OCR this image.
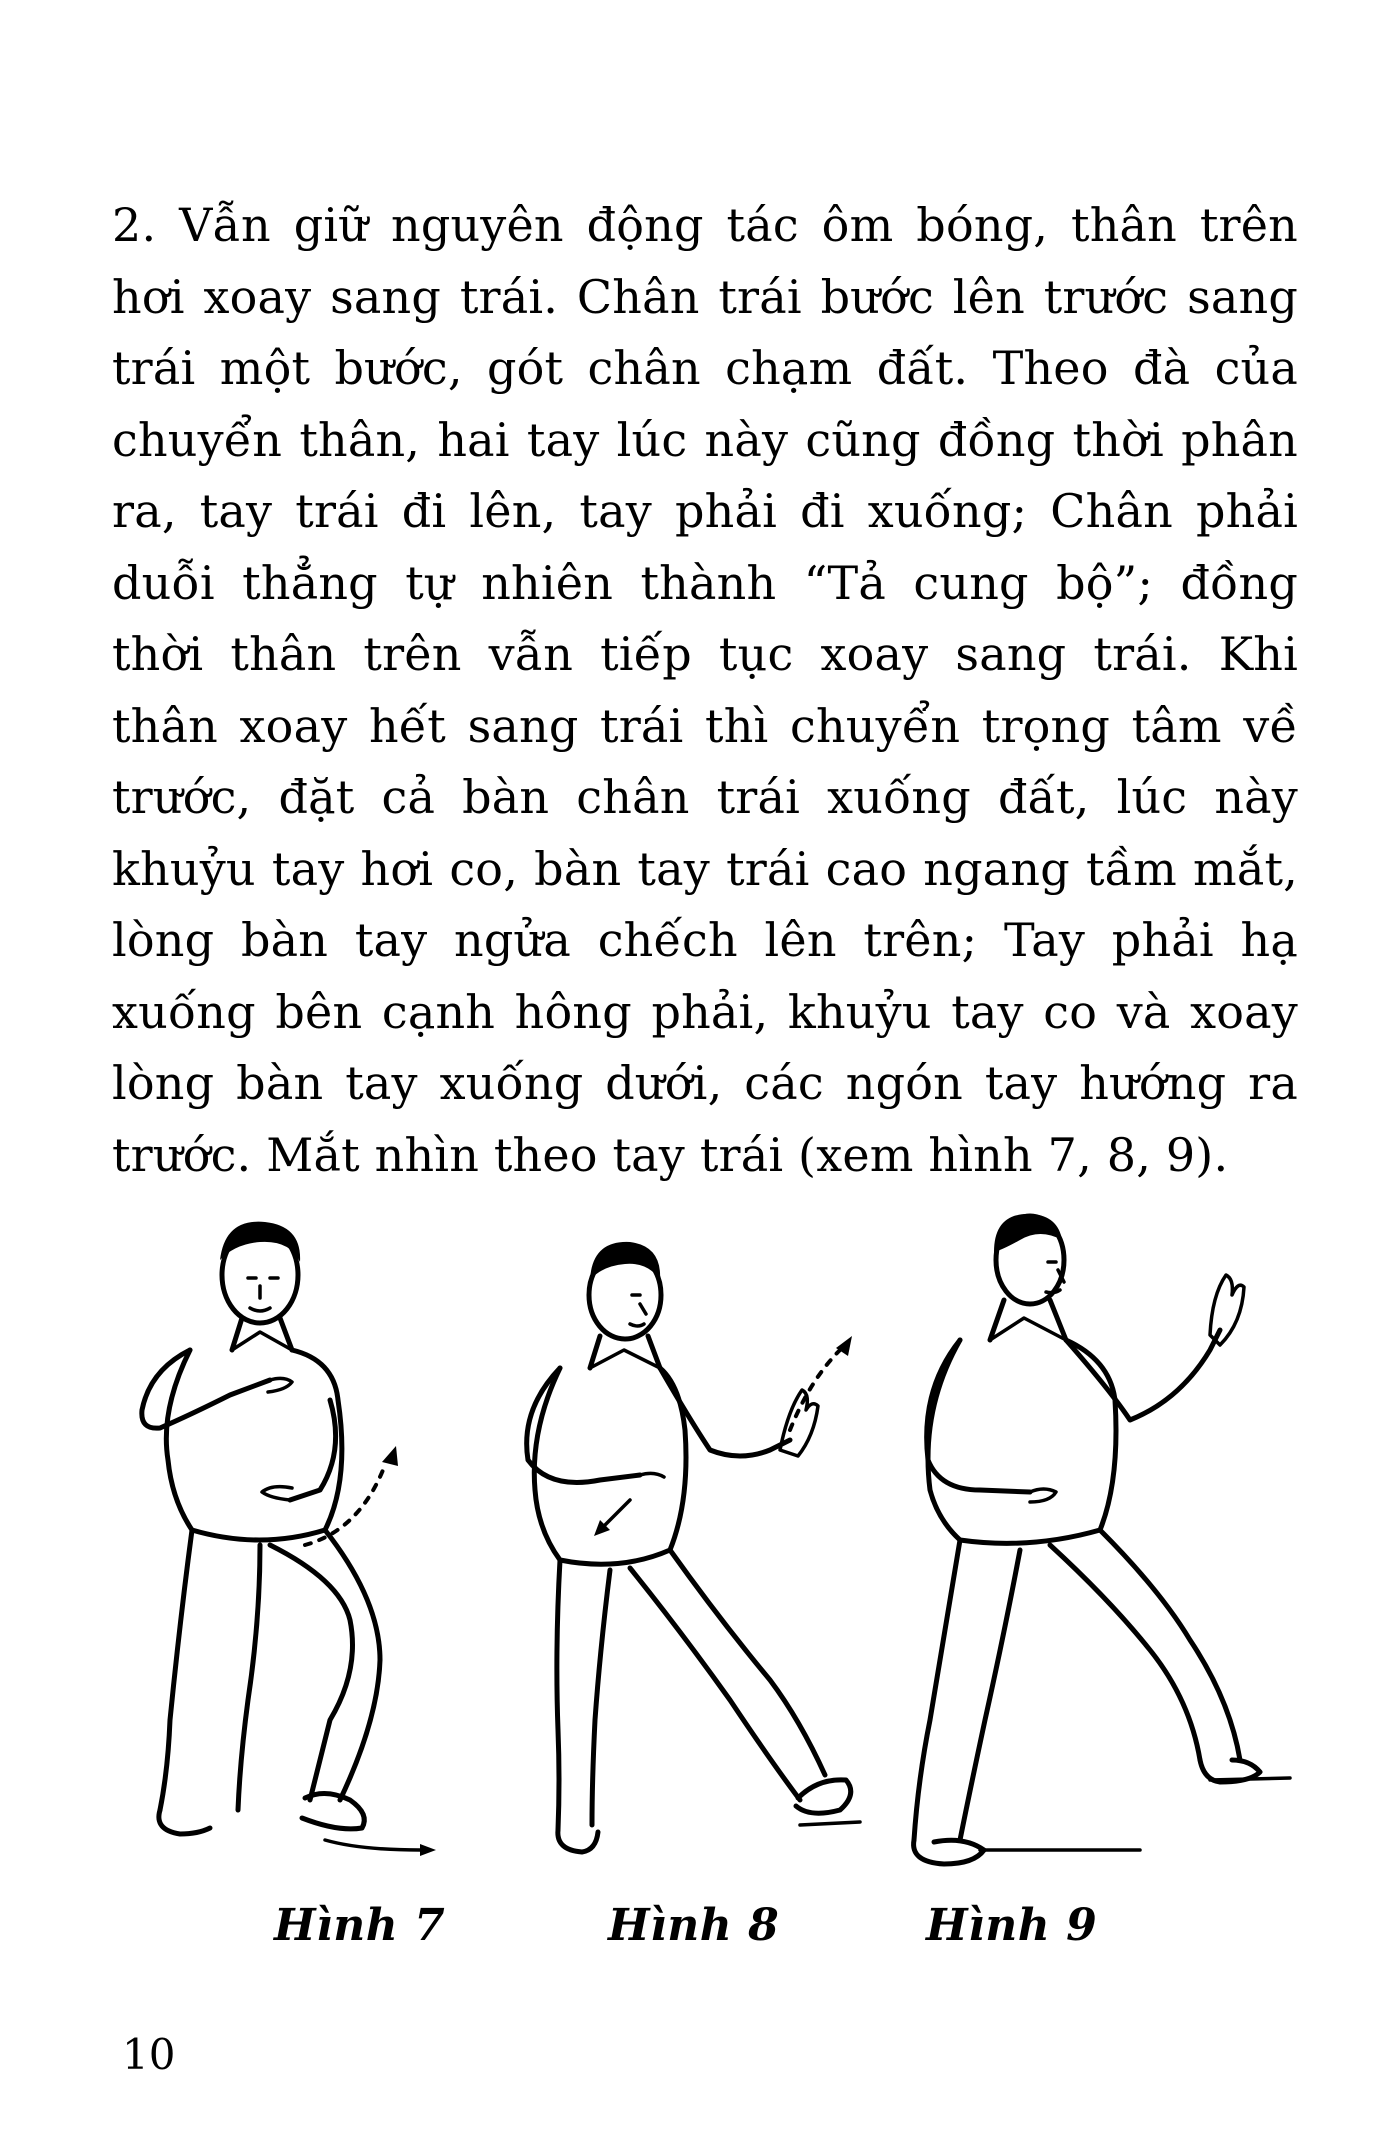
2. Vẫn giữ nguyên động tác ôm bóng, thân trên hơi xoay sang trái. Chân trái bước lên trước sang trái một bước, gót chân chạm đất. Theo đà của chuyển thân, hai tay lúc này cũng đồng thời phân ra, tay trái đi lên, tay phải đi xuống; Chân phải duỗi thẳng tự nhiên thành “Tả cung bộ”; đồng thời thân trên vẫn tiếp tục xoay sang trái. Khi thân xoay hết sang trái thì chuyển trọng tâm về trước, đặt cả bàn chân trái xuống đất, lúc này khuỷu tay hơi co, bàn tay trái cao ngang tầm mắt, lòng bàn tay ngửa chếch lên trên; Tay phải hạ xuống bên cạnh hông phải, khuỷu tay co và xoay lòng bàn tay xuống dưới, các ngón tay hướng ra trước. Mắt nhìn theo tay trái (xem hình 7, 8, 9).

Hình 7	Hình 8	Hình 9
10
